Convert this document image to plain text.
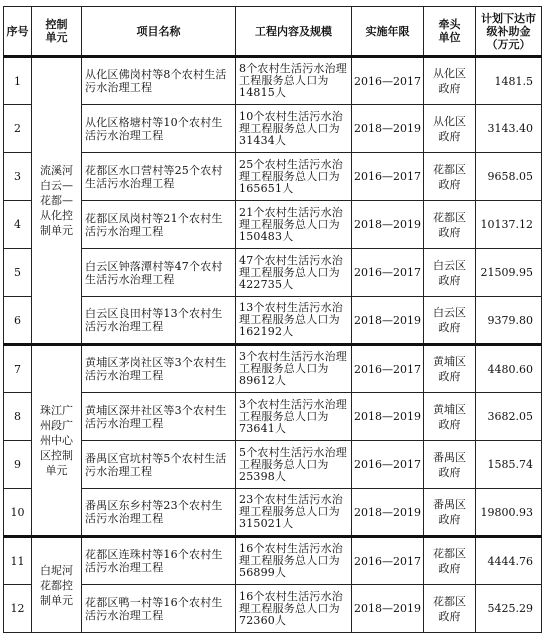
序号	控制单元	项目名称	工程内容及规模	实施年限	牵头单位	计划下达市级补助金（万元）
1	流溪河白云—花都—从化控制单元	从化区佛岗村等8个农村生活污水治理工程	8个农村生活污水治理工程服务总人口为14815人	2016—2017	从化区政府	1481.5
2		从化区格塘村等10个农村生活污水治理工程	10个农村生活污水治理工程服务总人口为31434人	2018—2019	从化区政府	3143.40
3		花都区水口营村等25个农村生活污水治理工程	25个农村生活污水治理工程服务总人口为165651人	2016—2017	花都区政府	9658.05
4		花都区凤岗村等21个农村生活污水治理工程	21个农村生活污水治理工程服务总人口为150483人	2018—2019	花都区政府	10137.12
5		白云区钟落潭村等47个农村生活污水治理工程	47个农村生活污水治理工程服务总人口为422735人	2016—2017	白云区政府	21509.95
6		白云区良田村等13个农村生活污水治理工程	13个农村生活污水治理工程服务总人口为162192人	2018—2019	白云区政府	9379.80
7	珠江广州段广州中心区控制单元	黄埔区茅岗社区等3个农村生活污水治理工程	3个农村生活污水治理工程服务总人口为89612人	2016—2017	黄埔区政府	4480.60
8		黄埔区深井社区等3个农村生活污水治理工程	3个农村生活污水治理工程服务总人口为73641人	2018—2019	黄埔区政府	3682.05
9		番禺区官坑村等5个农村生活污水治理工程	5个农村生活污水治理工程服务总人口为25398人	2016—2017	番禺区政府	1585.74
10		番禺区东乡村等23个农村生活污水治理工程	23个农村生活污水治理工程服务总人口为315021人	2018—2019	番禺区政府	19800.93
11	白坭河花都控制单元	花都区连珠村等16个农村生活污水治理工程	16个农村生活污水治理工程服务总人口为56899人	2016—2017	花都区政府	4444.76
12		花都区鸭一村等16个农村生活污水治理工程	16个农村生活污水治理工程服务总人口为72360人	2018—2019	花都区政府	5425.29
